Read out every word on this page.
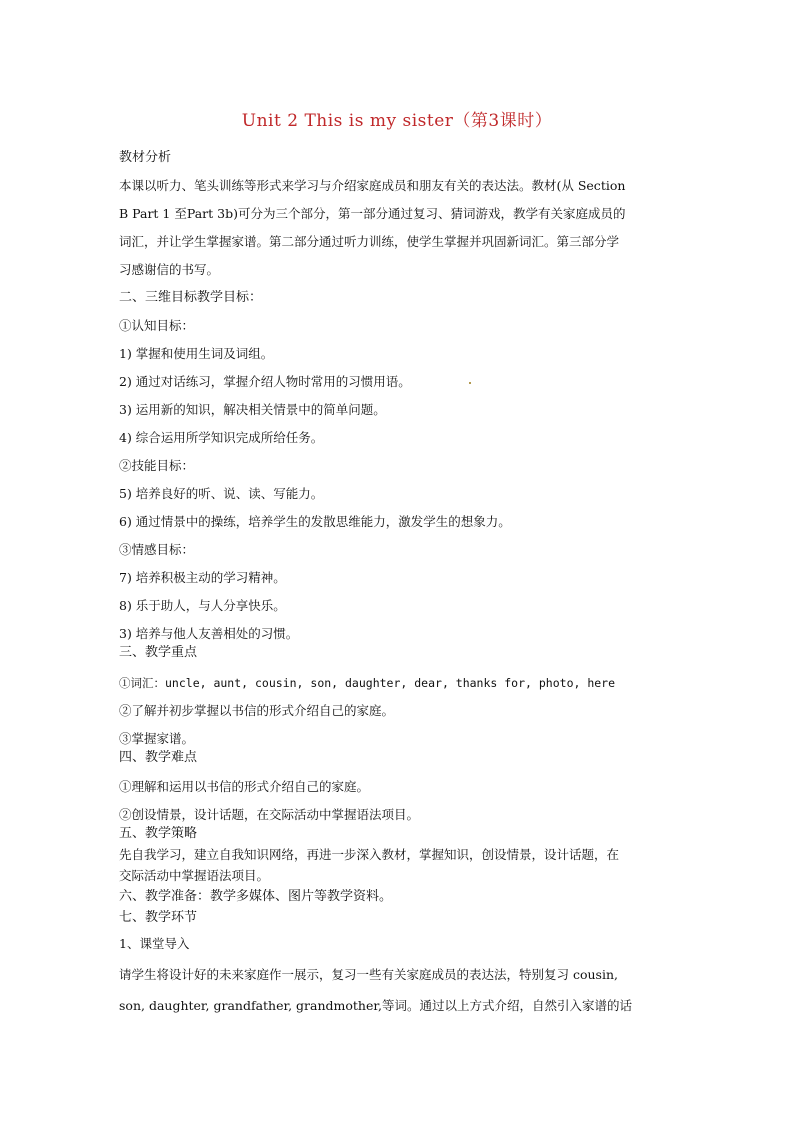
Unit 2 This is my sister（第3课时）
教材分析
本课以听力、笔头训练等形式来学习与介绍家庭成员和朋友有关的表达法。教材(从 Section
B Part 1 至Part 3b)可分为三个部分，第一部分通过复习、猜词游戏，教学有关家庭成员的
词汇，并让学生掌握家谱。第二部分通过听力训练，使学生掌握并巩固新词汇。第三部分学
习感谢信的书写。
二、三维目标教学目标：
①认知目标：
1) 掌握和使用生词及词组。
2) 通过对话练习，掌握介绍人物时常用的习惯用语。
3) 运用新的知识，解决相关情景中的简单问题。
4) 综合运用所学知识完成所给任务。
②技能目标：
5) 培养良好的听、说、读、写能力。
6) 通过情景中的操练，培养学生的发散思维能力，激发学生的想象力。
③情感目标：
7) 培养积极主动的学习精神。
8) 乐于助人，与人分享快乐。
3) 培养与他人友善相处的习惯。
三、教学重点
①词汇：uncle, aunt, cousin, son, daughter, dear, thanks for, photo, here
②了解并初步掌握以书信的形式介绍自己的家庭。
③掌握家谱。
四、教学难点
①理解和运用以书信的形式介绍自己的家庭。
②创设情景，设计话题，在交际活动中掌握语法项目。
五、教学策略
先自我学习，建立自我知识网络，再进一步深入教材，掌握知识，创设情景，设计话题，在
交际活动中掌握语法项目。
六、教学准备：教学多媒体、图片等教学资料。
七、教学环节
1、课堂导入
请学生将设计好的未来家庭作一展示，复习一些有关家庭成员的表达法，特别复习 cousin,
son, daughter, grandfather, grandmother,等词。通过以上方式介绍，自然引入家谱的话
